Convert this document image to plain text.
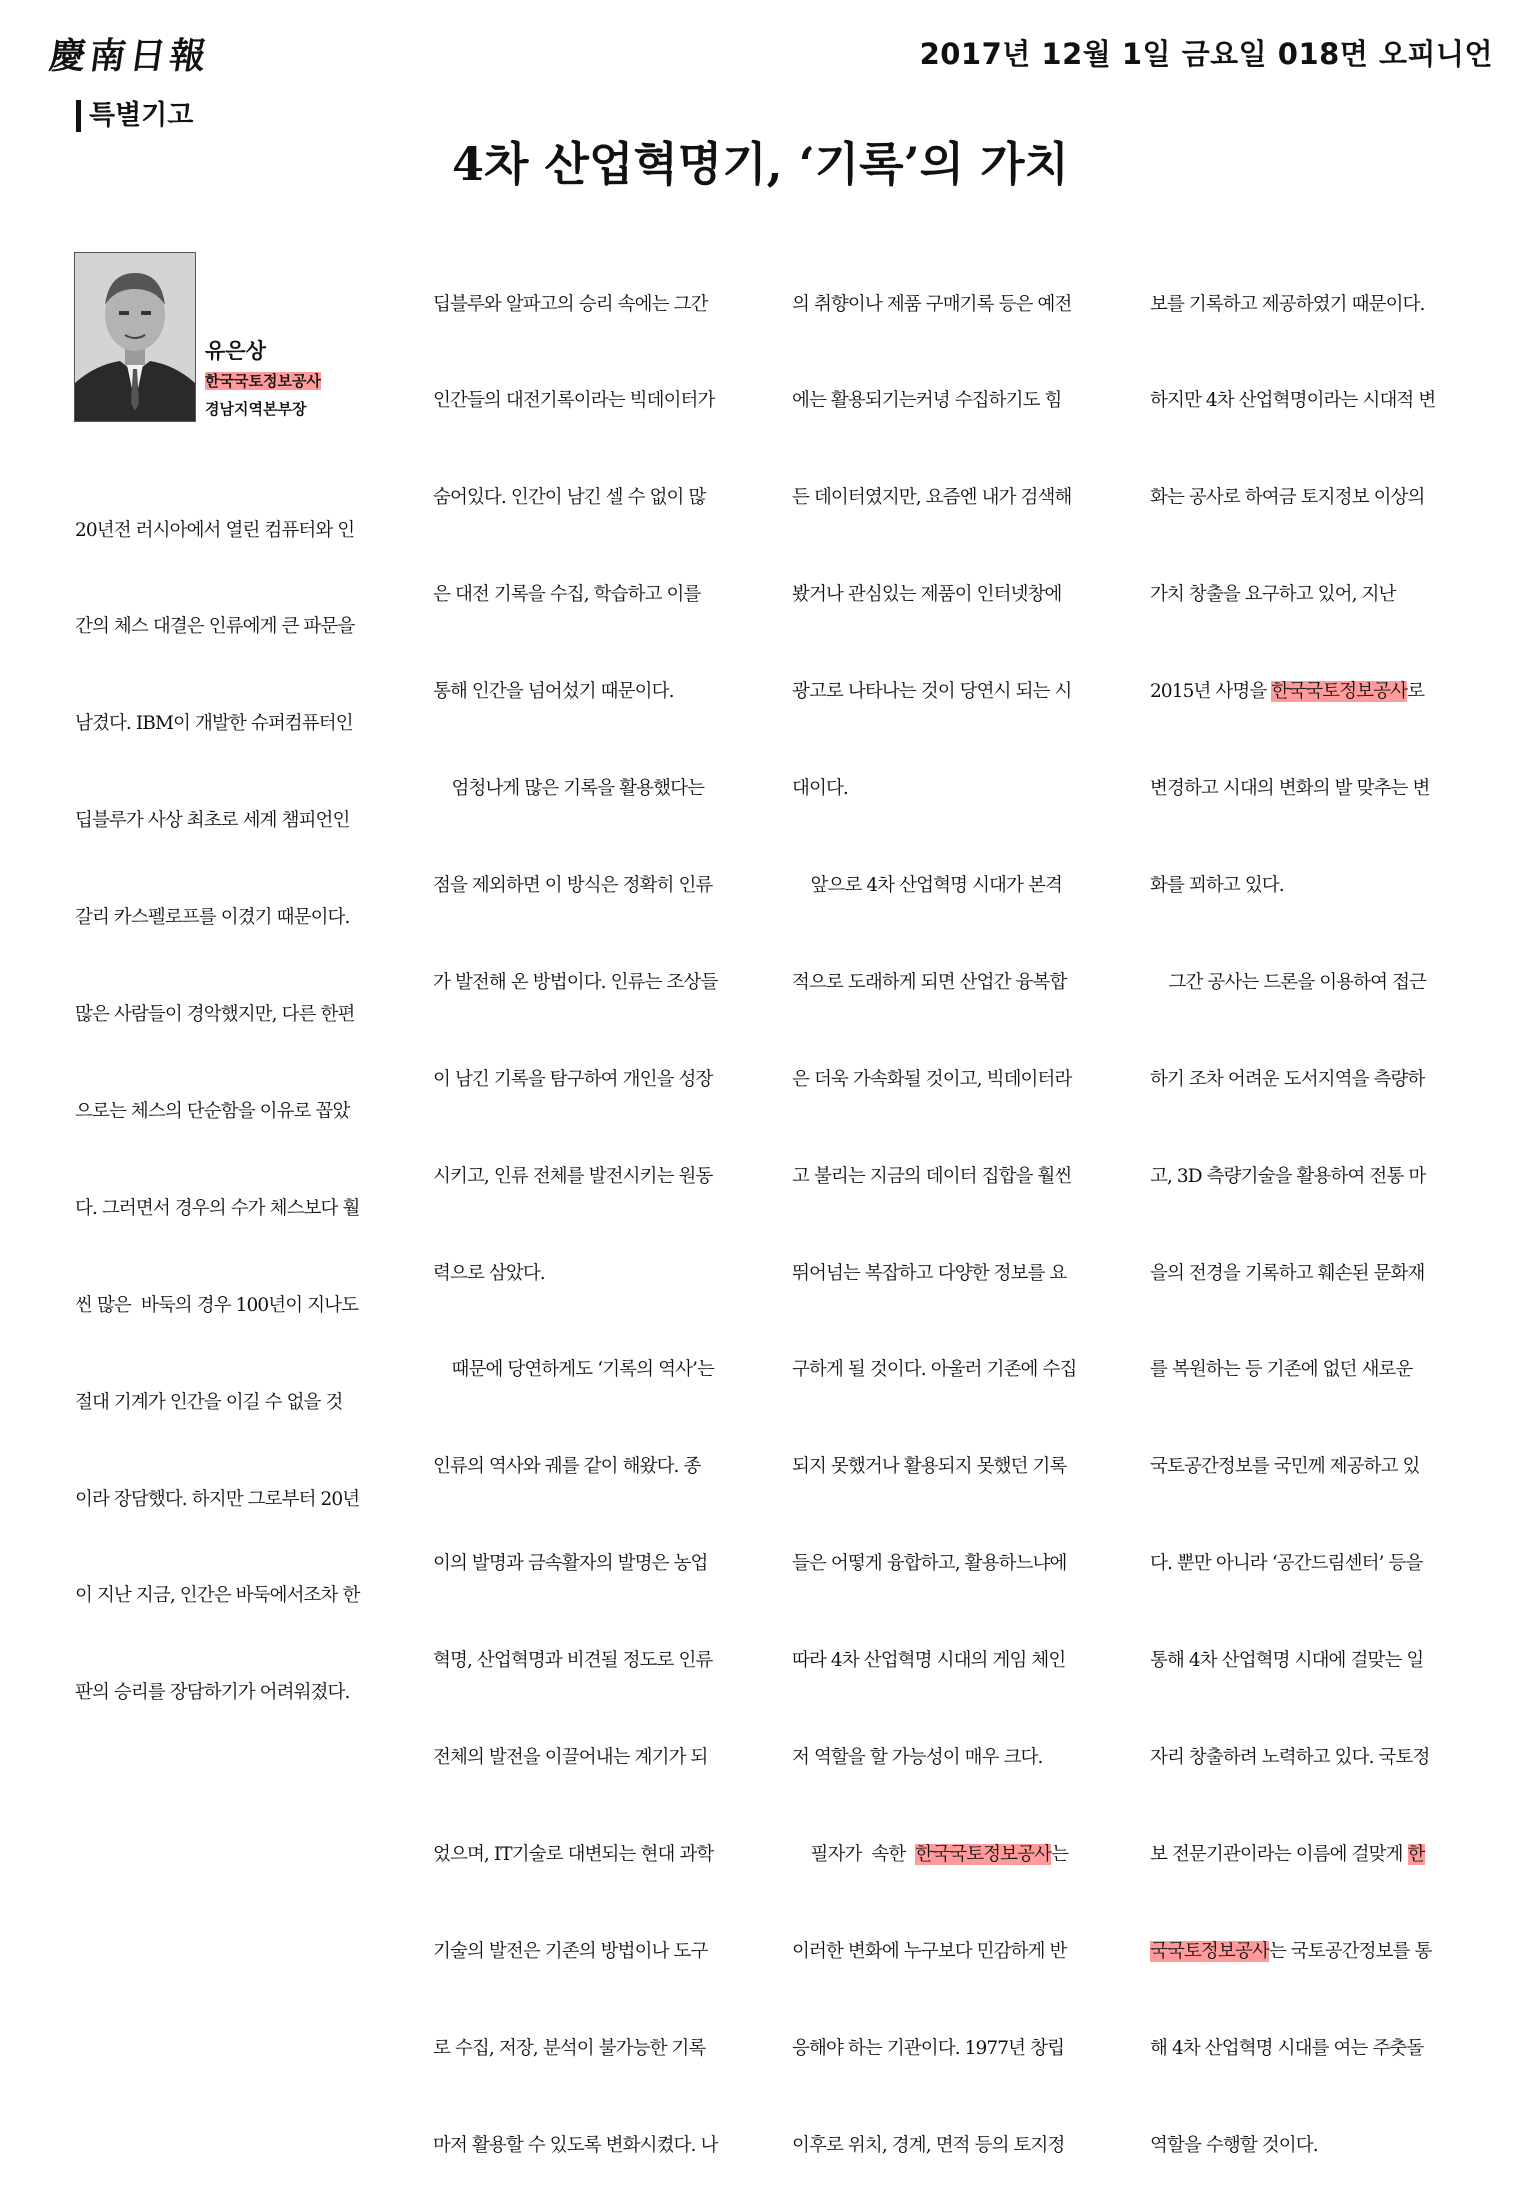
慶南日報	2017년 12월 1일 금요일 018면 오피니언
특별기고
4차 산업혁명기, ‘기록’의 가치
유은상
한국국토정보공사
경남지역본부장

20년전 러시아에서 열린 컴퓨터와 인

간의 체스 대결은 인류에게 큰 파문을

남겼다. IBM이 개발한 슈퍼컴퓨터인

딥블루가 사상 최초로 세계 챔피언인

갈리 카스펠로프를 이겼기 때문이다.

많은 사람들이 경악했지만, 다른 한편

으로는 체스의 단순함을 이유로 꼽았

다. 그러면서 경우의 수가 체스보다 훨

씬 많은  바둑의 경우 100년이 지나도

절대 기계가 인간을 이길 수 없을 것

이라 장담했다. 하지만 그로부터 20년

이 지난 지금, 인간은 바둑에서조차 한

판의 승리를 장담하기가 어려워졌다.

딥블루와 알파고의 승리 속에는 그간

인간들의 대전기록이라는 빅데이터가

숨어있다. 인간이 남긴 셀 수 없이 많

은 대전 기록을 수집, 학습하고 이를

통해 인간을 넘어섰기 때문이다.

엄청나게 많은 기록을 활용했다는

점을 제외하면 이 방식은 정확히 인류

가 발전해 온 방법이다. 인류는 조상들

이 남긴 기록을 탐구하여 개인을 성장

시키고, 인류 전체를 발전시키는 원동

력으로 삼았다.

때문에 당연하게도 ‘기록의 역사’는

인류의 역사와 궤를 같이 해왔다. 종

이의 발명과 금속활자의 발명은 농업

혁명, 산업혁명과 비견될 정도로 인류

전체의 발전을 이끌어내는 계기가 되

었으며, IT기술로 대변되는 현대 과학

기술의 발전은 기존의 방법이나 도구

로 수집, 저장, 분석이 불가능한 기록

마저 활용할 수 있도록 변화시켰다. 나

의 취향이나 제품 구매기록 등은 예전

에는 활용되기는커녕 수집하기도 힘

든 데이터였지만, 요즘엔 내가 검색해

봤거나 관심있는 제품이 인터넷창에

광고로 나타나는 것이 당연시 되는 시

대이다.

앞으로 4차 산업혁명 시대가 본격

적으로 도래하게 되면 산업간 융복합

은 더욱 가속화될 것이고, 빅데이터라

고 불리는 지금의 데이터 집합을 훨씬

뛰어넘는 복잡하고 다양한 정보를 요

구하게 될 것이다. 아울러 기존에 수집

되지 못했거나 활용되지 못했던 기록

들은 어떻게 융합하고, 활용하느냐에

따라 4차 산업혁명 시대의 게임 체인

저 역할을 할 가능성이 매우 크다.

필자가  속한  한국국토정보공사는

이러한 변화에 누구보다 민감하게 반

응해야 하는 기관이다. 1977년 창립

이후로 위치, 경계, 면적 등의 토지정

보를 기록하고 제공하였기 때문이다.

하지만 4차 산업혁명이라는 시대적 변

화는 공사로 하여금 토지정보 이상의

가치 창출을 요구하고 있어, 지난

2015년 사명을 한국국토정보공사로

변경하고 시대의 변화의 발 맞추는 변

화를 꾀하고 있다.

그간 공사는 드론을 이용하여 접근

하기 조차 어려운 도서지역을 측량하

고, 3D 측량기술을 활용하여 전통 마

을의 전경을 기록하고 훼손된 문화재

를 복원하는 등 기존에 없던 새로운

국토공간정보를 국민께 제공하고 있

다. 뿐만 아니라 ‘공간드림센터’ 등을

통해 4차 산업혁명 시대에 걸맞는 일

자리 창출하려 노력하고 있다. 국토정

보 전문기관이라는 이름에 걸맞게 한

국국토정보공사는 국토공간정보를 통

해 4차 산업혁명 시대를 여는 주춧돌

역할을 수행할 것이다.
